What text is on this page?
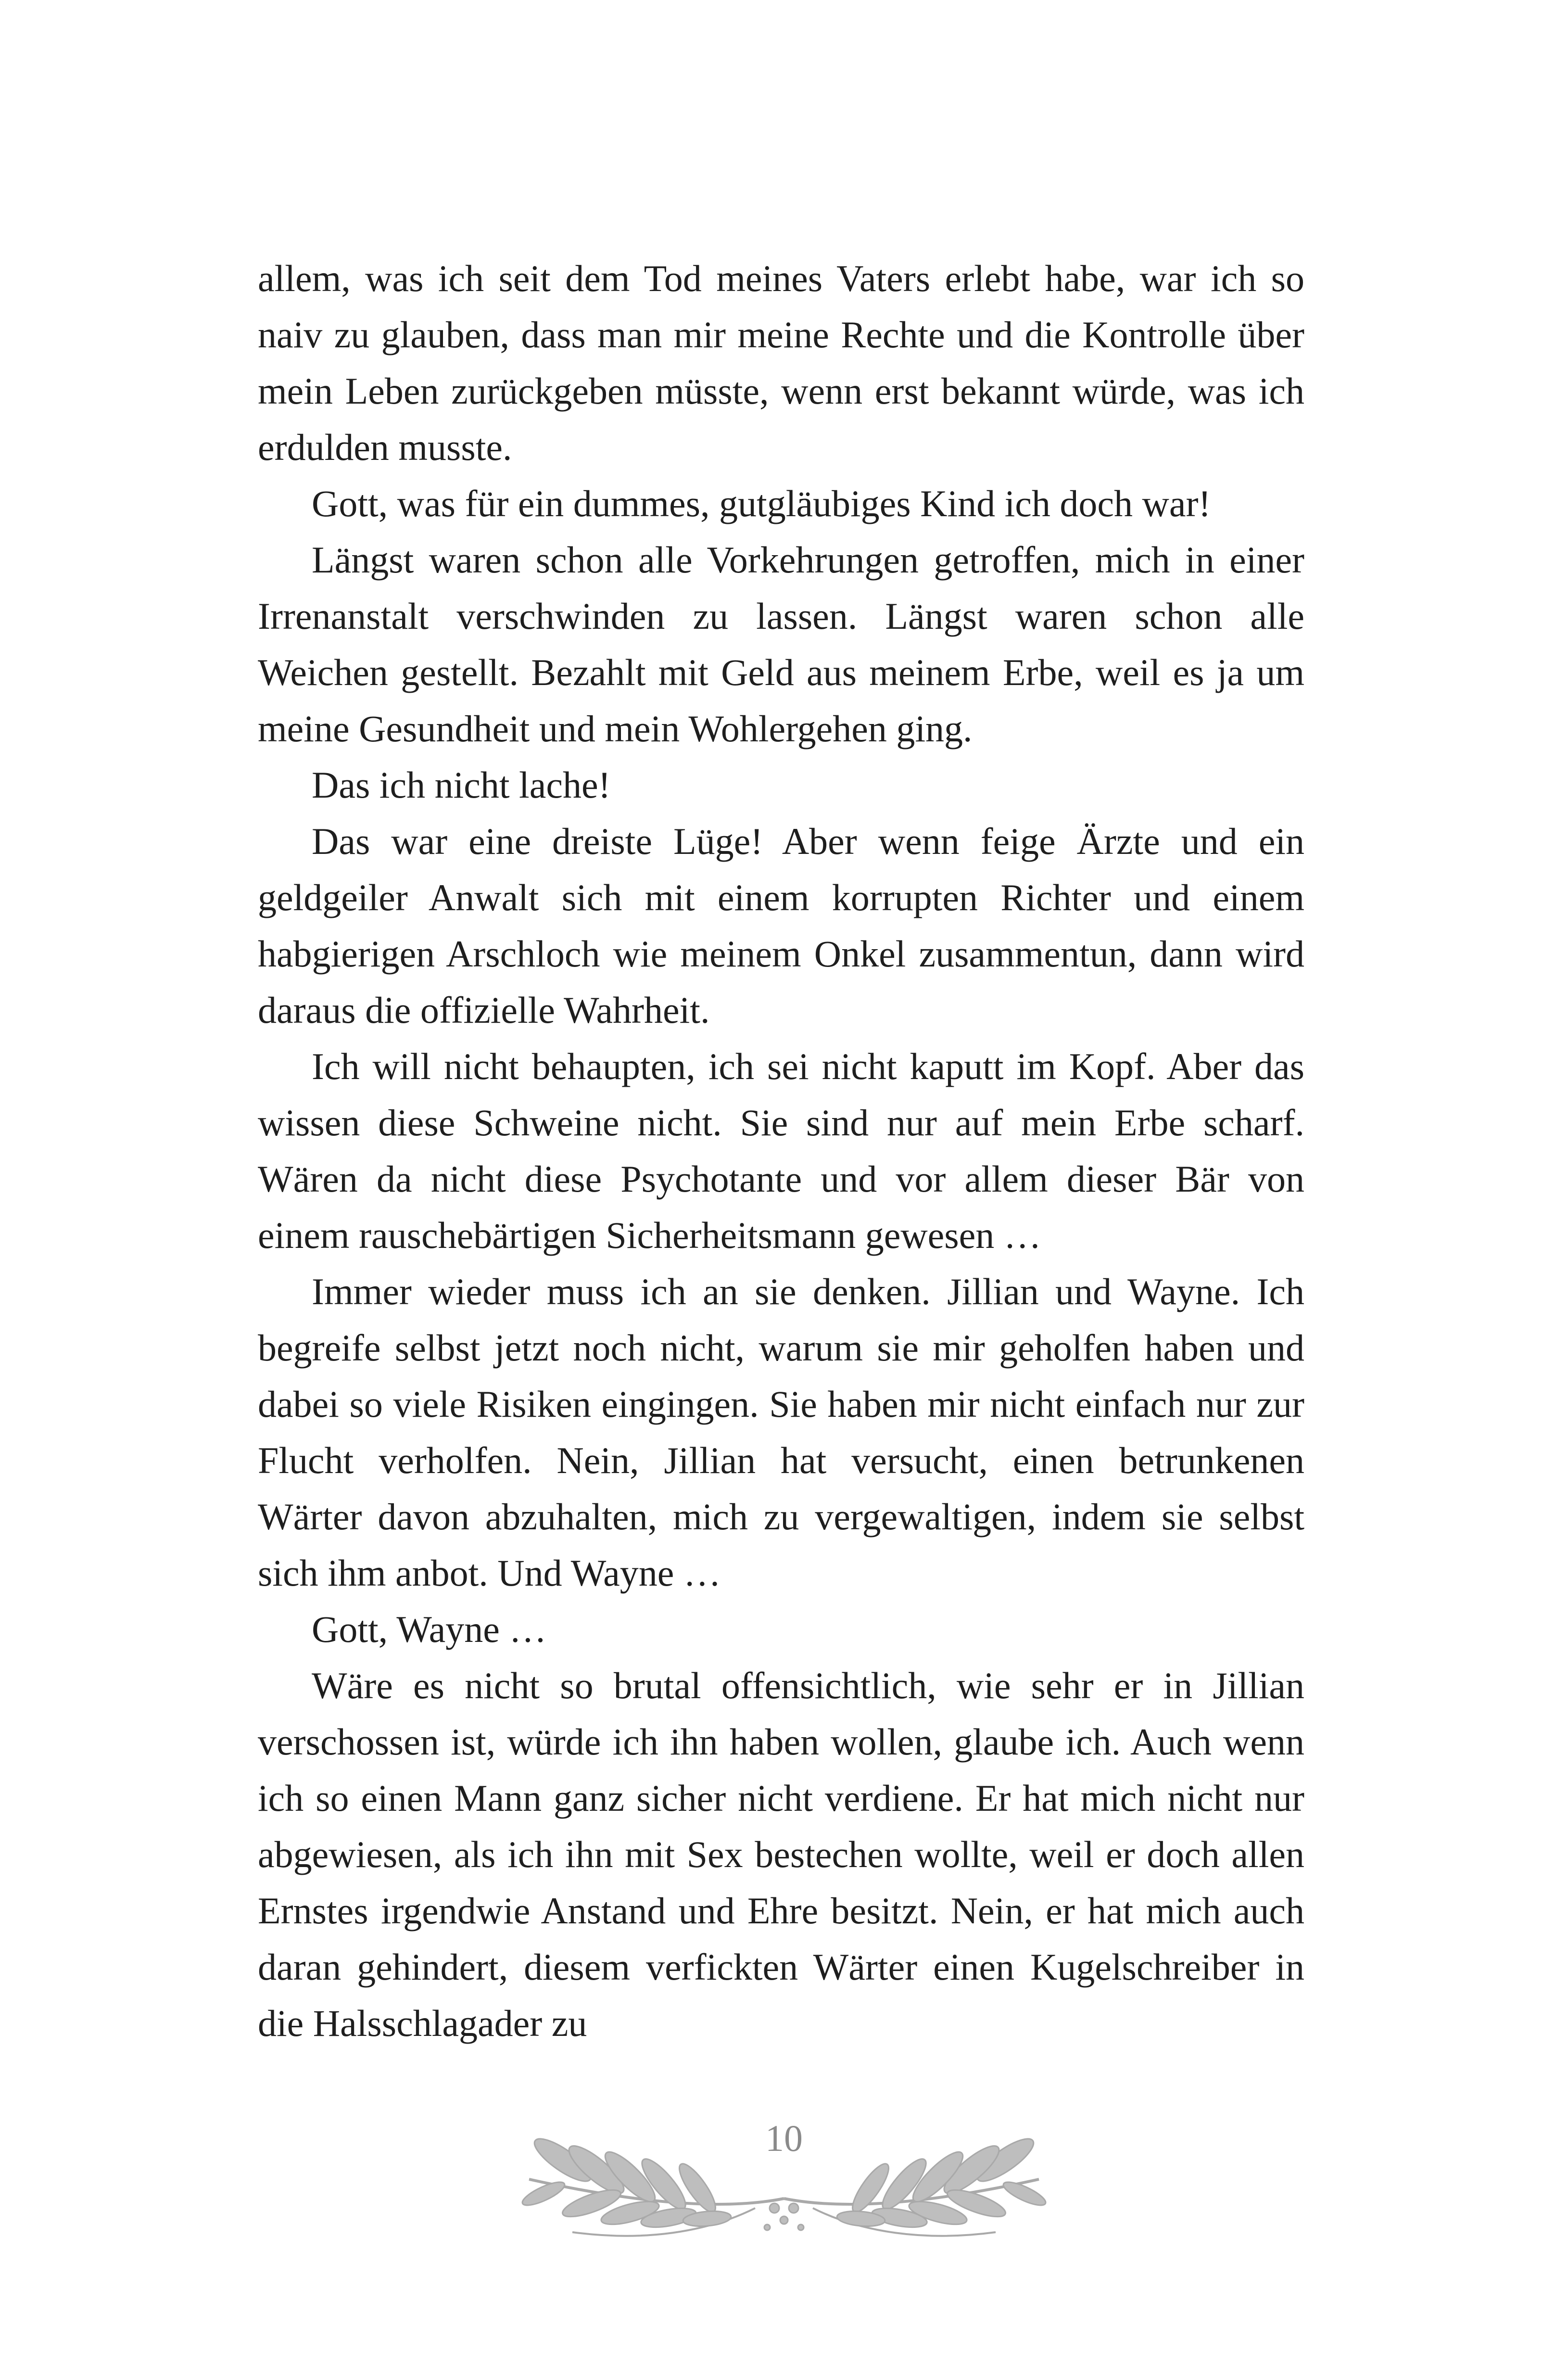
allem, was ich seit dem Tod meines Vaters erlebt habe, war ich so naiv zu glauben, dass man mir meine Rechte und die Kontrolle über mein Leben zurückgeben müsste, wenn erst bekannt würde, was ich erdulden musste.

Gott, was für ein dummes, gutgläubiges Kind ich doch war!

Längst waren schon alle Vorkehrungen getroffen, mich in einer Irrenanstalt verschwinden zu lassen. Längst waren schon alle Weichen gestellt. Bezahlt mit Geld aus meinem Erbe, weil es ja um meine Gesundheit und mein Wohlergehen ging.

Das ich nicht lache!

Das war eine dreiste Lüge! Aber wenn feige Ärzte und ein geldgeiler Anwalt sich mit einem korrupten Richter und einem habgierigen Arschloch wie meinem Onkel zusammentun, dann wird daraus die offizielle Wahrheit.

Ich will nicht behaupten, ich sei nicht kaputt im Kopf. Aber das wissen diese Schweine nicht. Sie sind nur auf mein Erbe scharf. Wären da nicht diese Psychotante und vor allem dieser Bär von einem rauschebärtigen Sicherheitsmann gewesen …

Immer wieder muss ich an sie denken. Jillian und Wayne. Ich begreife selbst jetzt noch nicht, warum sie mir geholfen haben und dabei so viele Risiken eingingen. Sie haben mir nicht einfach nur zur Flucht verholfen. Nein, Jillian hat versucht, einen betrunkenen Wärter davon abzuhalten, mich zu vergewaltigen, indem sie selbst sich ihm anbot. Und Wayne …

Gott, Wayne …

Wäre es nicht so brutal offensichtlich, wie sehr er in Jillian verschossen ist, würde ich ihn haben wollen, glaube ich. Auch wenn ich so einen Mann ganz sicher nicht verdiene. Er hat mich nicht nur abgewiesen, als ich ihn mit Sex bestechen wollte, weil er doch allen Ernstes irgendwie Anstand und Ehre besitzt. Nein, er hat mich auch daran gehindert, diesem verfickten Wärter einen Kugelschreiber in die Halsschlagader zu

10
